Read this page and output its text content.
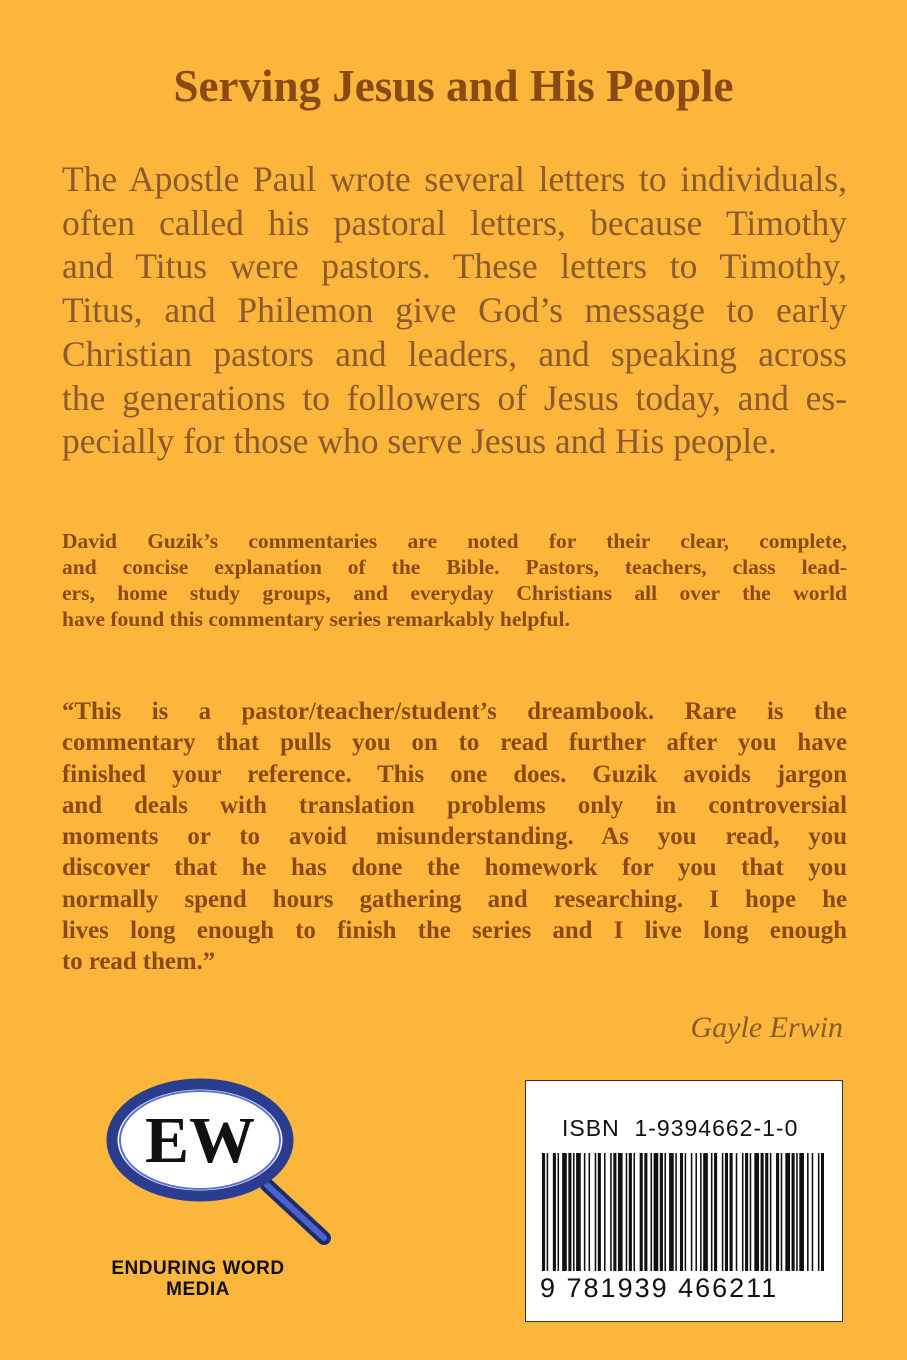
Serving Jesus and His People
The Apostle Paul wrote several letters to individuals,
often called his pastoral letters, because Timothy
and Titus were pastors. These letters to Timothy,
Titus, and Philemon give God’s message to early
Christian pastors and leaders, and speaking across
the generations to followers of Jesus today, and es-
pecially for those who serve Jesus and His people.
David Guzik’s commentaries are noted for their clear, complete,
and concise explanation of the Bible. Pastors, teachers, class lead-
ers, home study groups, and everyday Christians all over the world
have found this commentary series remarkably helpful.
“This is a pastor/teacher/student’s dreambook. Rare is the
commentary that pulls you on to read further after you have
finished your reference. This one does. Guzik avoids jargon
and deals with translation problems only in controversial
moments or to avoid misunderstanding. As you read, you
discover that he has done the homework for you that you
normally spend hours gathering and researching. I hope he
lives long enough to finish the series and I live long enough
to read them.”
Gayle Erwin
EW
ENDURING WORD
MEDIA
ISBN  1-9394662-1-0
9 781939 466211
